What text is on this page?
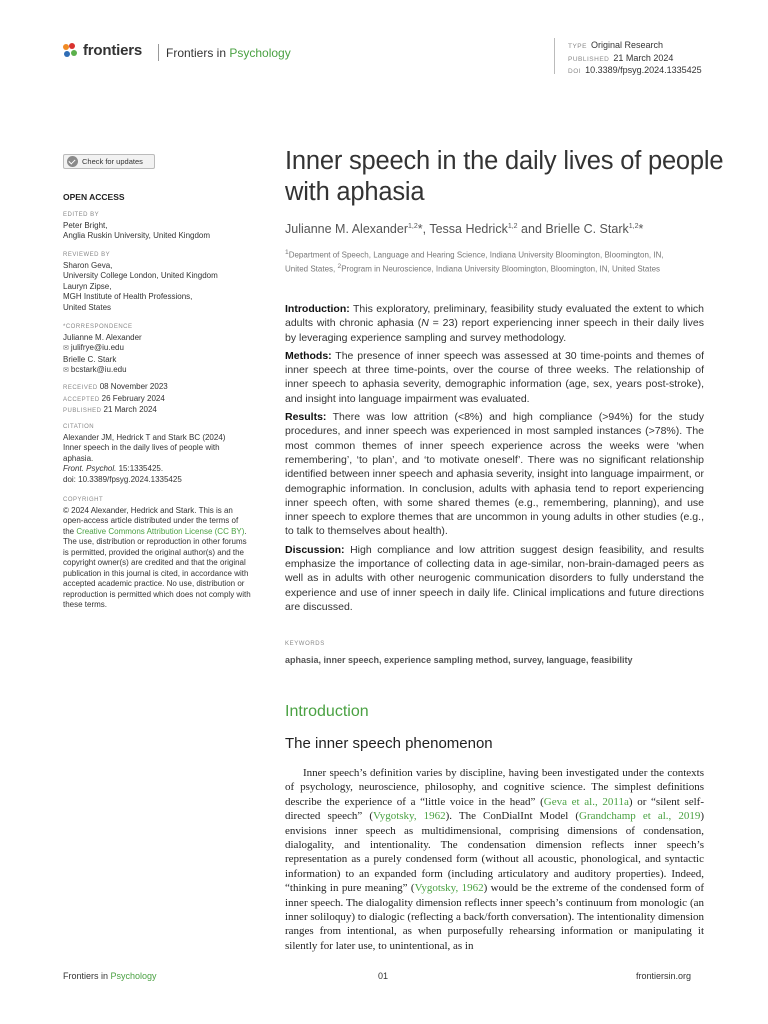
frontiers Frontiers in Psychology	TYPE Original Research
PUBLISHED 21 March 2024
DOI 10.3389/fpsyg.2024.1335425
Check for updates
OPEN ACCESS
EDITED BY
Peter Bright,
Anglia Ruskin University, United Kingdom
REVIEWED BY
Sharon Geva,
University College London, United Kingdom
Lauryn Zipse,
MGH Institute of Health Professions,
United States
*CORRESPONDENCE
Julianne M. Alexander
✉ julifrye@iu.edu
Brielle C. Stark
✉ bcstark@iu.edu
RECEIVED 08 November 2023
ACCEPTED 26 February 2024
PUBLISHED 21 March 2024
CITATION
Alexander JM, Hedrick T and Stark BC (2024)
Inner speech in the daily lives of people with
aphasia.
Front. Psychol. 15:1335425.
doi: 10.3389/fpsyg.2024.1335425
COPYRIGHT
© 2024 Alexander, Hedrick and Stark. This is an open-access article distributed under the terms of the Creative Commons Attribution License (CC BY). The use, distribution or reproduction in other forums is permitted, provided the original author(s) and the copyright owner(s) are credited and that the original publication in this journal is cited, in accordance with accepted academic practice. No use, distribution or reproduction is permitted which does not comply with these terms.
Inner speech in the daily lives of people with aphasia
Julianne M. Alexander$^{1,2}$*, Tessa Hedrick$^{1,2}$ and Brielle C. Stark$^{1,2}$*
$^1$Department of Speech, Language and Hearing Science, Indiana University Bloomington, Bloomington, IN, United States, $^2$Program in Neuroscience, Indiana University Bloomington, Bloomington, IN, United States

Introduction: This exploratory, preliminary, feasibility study evaluated the extent to which adults with chronic aphasia (N = 23) report experiencing inner speech in their daily lives by leveraging experience sampling and survey methodology.

Methods: The presence of inner speech was assessed at 30 time-points and themes of inner speech at three time-points, over the course of three weeks. The relationship of inner speech to aphasia severity, demographic information (age, sex, years post-stroke), and insight into language impairment was evaluated.

Results: There was low attrition (<8%) and high compliance (>94%) for the study procedures, and inner speech was experienced in most sampled instances (>78%). The most common themes of inner speech experience across the weeks were ‘when remembering’, ‘to plan’, and ‘to motivate oneself’. There was no significant relationship identified between inner speech and aphasia severity, insight into language impairment, or demographic information. In conclusion, adults with aphasia tend to report experiencing inner speech often, with some shared themes (e.g., remembering, planning), and use inner speech to explore themes that are uncommon in young adults in other studies (e.g., to talk to themselves about health).

Discussion: High compliance and low attrition suggest design feasibility, and results emphasize the importance of collecting data in age-similar, non-brain-damaged peers as well as in adults with other neurogenic communication disorders to fully understand the experience and use of inner speech in daily life. Clinical implications and future directions are discussed.

KEYWORDS
aphasia, inner speech, experience sampling method, survey, language, feasibility
Introduction
The inner speech phenomenon
Inner speech’s definition varies by discipline, having been investigated under the contexts of psychology, neuroscience, philosophy, and cognitive science. The simplest definitions describe the experience of a “little voice in the head” (Geva et al., 2011a) or “silent self-directed speech” (Vygotsky, 1962). The ConDialInt Model (Grandchamp et al., 2019) envisions inner speech as multidimensional, comprising dimensions of condensation, dialogality, and intentionality. The condensation dimension reflects inner speech’s representation as a purely condensed form (without all acoustic, phonological, and syntactic information) to an expanded form (including articulatory and auditory properties). Indeed, “thinking in pure meaning” (Vygotsky, 1962) would be the extreme of the condensed form of inner speech. The dialogality dimension reflects inner speech’s continuum from monologic (an inner soliloquy) to dialogic (reflecting a back/forth conversation). The intentionality dimension ranges from intentional, as when purposefully rehearsing information or manipulating it silently for later use, to unintentional, as in
Frontiers in Psychology	01	frontiersin.org
